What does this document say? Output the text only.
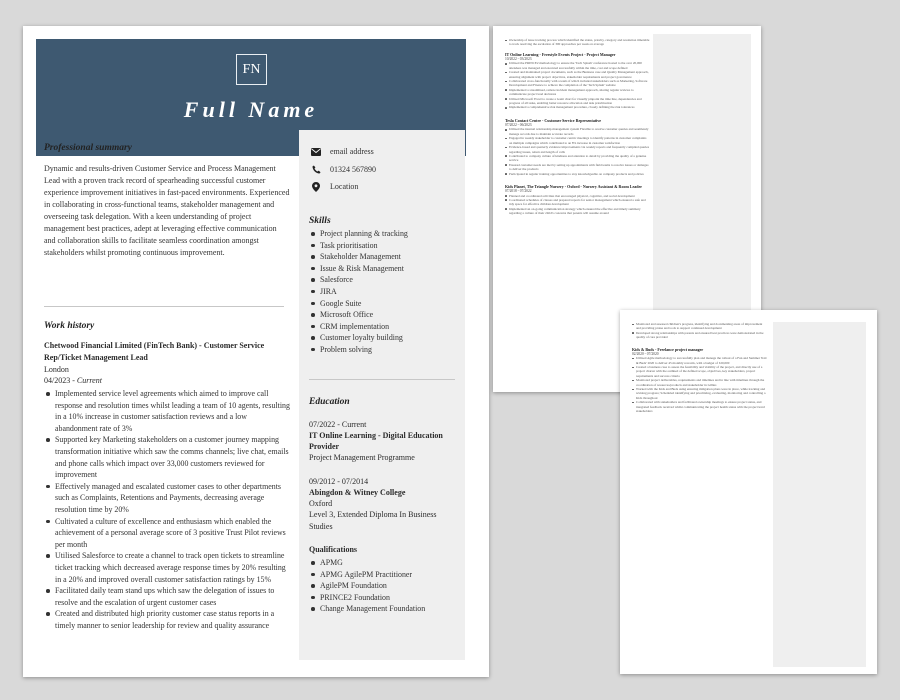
FN
Full Name
Professional summary
Dynamic and results-driven Customer Service and Process Management Lead with a proven track record of spearheading successful customer experience improvement initiatives in fast-paced environments. Experienced in collaborating in cross-functional teams, stakeholder management and overseeing task delegation. With a keen understanding of project management best practices, adept at leveraging effective communication and collaboration skills to facilitate seamless coordination amongst stakeholders whilst promoting continuous improvement.
Work history
Chetwood Financial Limited (FinTech Bank) - Customer Service Rep/Ticket Management Lead
London
04/2023 - Current
Implemented service level agreements which aimed to improve call response and resolution times whilst leading a team of 10 agents, resulting in a 10% increase in customer satisfaction reviews and a low abandonment rate of 3%
Supported key Marketing stakeholders on a customer journey mapping transformation initiative which saw the comms channels; live chat, emails and phone calls which impact over 33,000 customers reviewed for improvement
Effectively managed and escalated customer cases to other departments such as Complaints, Retentions and Payments, decreasing average resolution time by 20%
Cultivated a culture of excellence and enthusiasm which enabled the achievement of a personal average score of 3 positive Trust Pilot reviews per month
Utilised Salesforce to create a channel to track open tickets to streamline ticket tracking which decreased average response times by 20% resulting in a 20% and improved overall customer satisfaction ratings by 15%
Facilitated daily team stand ups which saw the delegation of issues to resolve and the escalation of urgent customer cases
Created and distributed high priority customer case status reports in a timely manner to senior leadership for review and quality assurance
email address
01324 567890
Location
Skills
Project planning & tracking
Task prioritisation
Stakeholder Management
Issue & Risk Management
Salesforce
JIRA
Google Suite
Microsoft Office
CRM implementation
Customer loyalty building
Problem solving
Education
07/2022 - Current
IT Online Learning - Digital Education Provider
Project Management Programme
09/2012 - 07/2014
Abingdon & Witney College
Oxford
Level 3, Extended Diploma In Business Studies
Qualifications
APMG
APMG AgilePM Practitioner
AgilePM Foundation
PRINCE2 Foundation
Change Management Foundation
Ownership of issue tracking process which identified the status, priority, category and resolution timetable to track resolving the escalation of 300 approaches per week on average
IT Online Learning - Freestyle Events Project - Project Manager
10/2022 - 03/2023
Utilised the PRINCE2 methodology to ensure the 'Tech Splash' conference hosted to the over 20,000 attendees was managed and executed successfully within the time, cost and scope defined
Created and maintained project documents, such as the Business case and Quality Management approach, ensuring alignment with project objectives, stakeholder requirements and project governance
Collaborated cross-functionally with a team of which included stakeholders such as Marketing, Software Development and Finance to achieve the completion of the 'Tech Splash' website
Implemented a streamlined, remote incident management approach, sharing regular reviews to communicate project lead decisions
Utilised Microsoft Excel to create a Gantt chart for visually pinpoint the time line, dependencies and progress of all tasks, enabling better resource allocation and task prioritisation
Implemented a comprehensive risk management procedure, closely defining the risk tolerances
Tesla Contact Centre - Customer Service Representative
07/2022 - 06/2023
Utilised the internal relationship management system Flexible to resolve customer queries and seamlessly manage records due to maintain accurate records
Engaged in weekly stakeholder to customer centric meetings to identify patterns in customer complaints on multiple campaigns which contributed to an 8% increase in customer satisfaction
Evidence-based and quarterly evidence improvements via weekly reports and frequently compiled queries regarding issues, return and length of calls
Contributed to company culture of kindness and attention to detail by providing the quality of a genuine service
Ensured customer needs are met by setting up appointments with field teams to resolve issues or damages to deliver the products
Participated in regular training opportunities to stay knowledgeable on company products and policies
Kids Planet, The Triangle Nursery - Oxford - Nursery Assistant & Room Leader
07/2018 - 07/2022
Planned and coordinated activities that encouraged physical, cognitive, and social development
Coordinated schedules of classes and prepared reports for senior management which ensured a safe and tidy space for effective children development
Implemented an on-going communication strategy which ensured the effective and timely summary regarding a culture of their child's concerns that parents will assume around
Monitored and assessed children's progress, identifying and documenting areas of improvement and providing praise and tools to support continued development
Developed strong relationships with parents and ensured best practices were demonstrated in the quality of care provided
Kids & Buds - Freelance project manager
02/2020 - 07/2020
Utilised Agile methodology to successfully plan and manage the rollout of a Fun and Summer 'Kid & Buds' 2020 to deliver 45 monthly rewards, with a budget of £20,000
Created a business case to assess the feasibility and viability of the project, and directly use of a project charter with the outlined of the defined scope, objectives, key stakeholders, project requirements and success criteria
Monitored project deliverables, requirements and timelines and in line with timelines through the coordination of resources/products and stakeholder in Gillies
Worked with the Kids and Buds using ensuring mitigation plans were in place, while tracking and revising progress; Scheduled identifying and prioritizing, evaluating, monitoring and controlling a Kids throughout
Collaborated with stakeholders and facilitated ownership meetings to ensure project status, and integrated feedback received whilst communicating the project health status with the project level stakeholders
